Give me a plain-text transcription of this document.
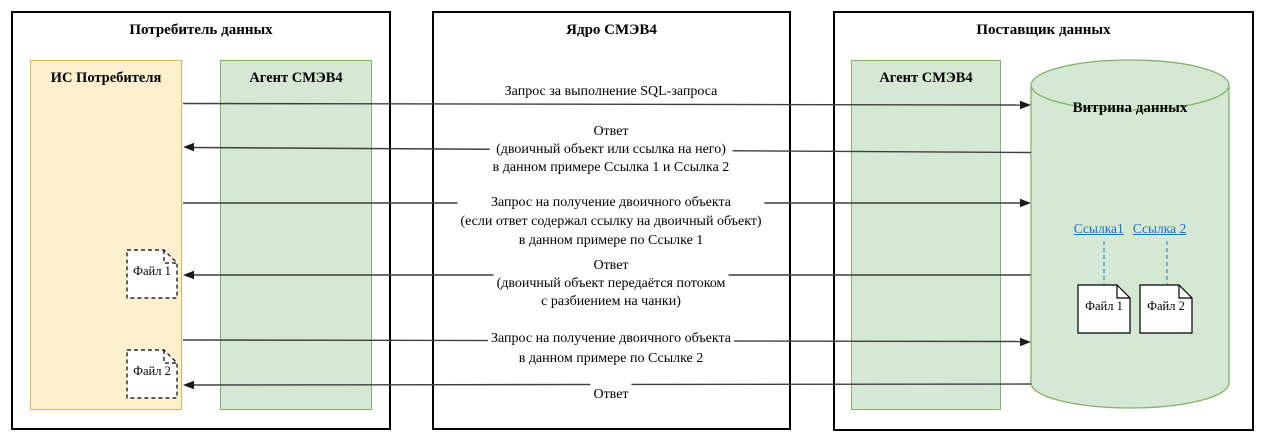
Потребитель данных	Ядро СМЭВ4	Поставщик данных
ИС Потребителя	Агент СМЭВ4	Агент СМЭВ4
Витрина данных
Ссылка1 Ссылка 2
Файл 1	Файл 2
Файл 1
Файл 2
Запрос за выполнение SQL-запроса
Ответ
(двоичный объект или ссылка на него)
в данном примере Ссылка 1 и Ссылка 2
Запрос на получение двоичного объекта
(если ответ содержал ссылку на двоичный объект)
в данном примере по Ссылке 1
Ответ
(двоичный объект передаётся потоком
с разбиением на чанки)
Запрос на получение двоичного объекта
в данном примере по Ссылке 2
Ответ
